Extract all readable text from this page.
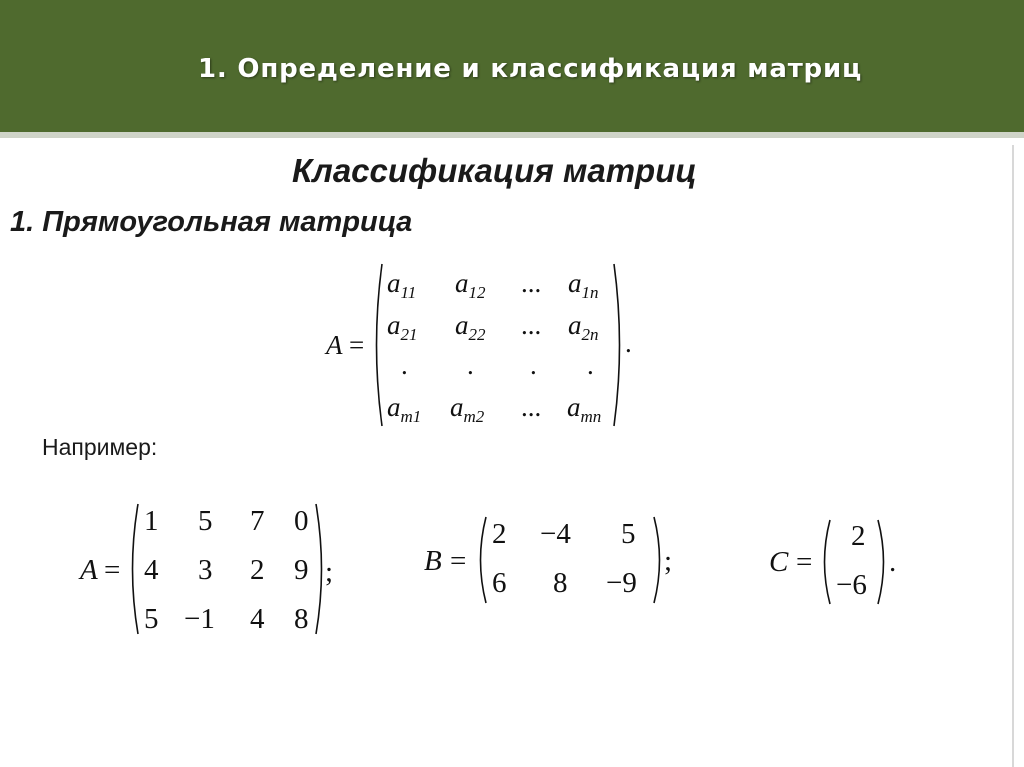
1. Определение и классификация матриц
Классификация матриц
1. Прямоугольная матрица
A =
$a_{11}$ $a_{12}$ ... $a_{1n}$
$a_{21}$ $a_{22}$ ... $a_{2n}$
. . . .
$a_{m1}$ $a_{m2}$ ... $a_{mn}$
.
Например:
A =
1 5 7 0
4 3 2 9
5 −1 4 8
;	B =
2 −4 5
6 8 −9
;	C =
2
−6
.
